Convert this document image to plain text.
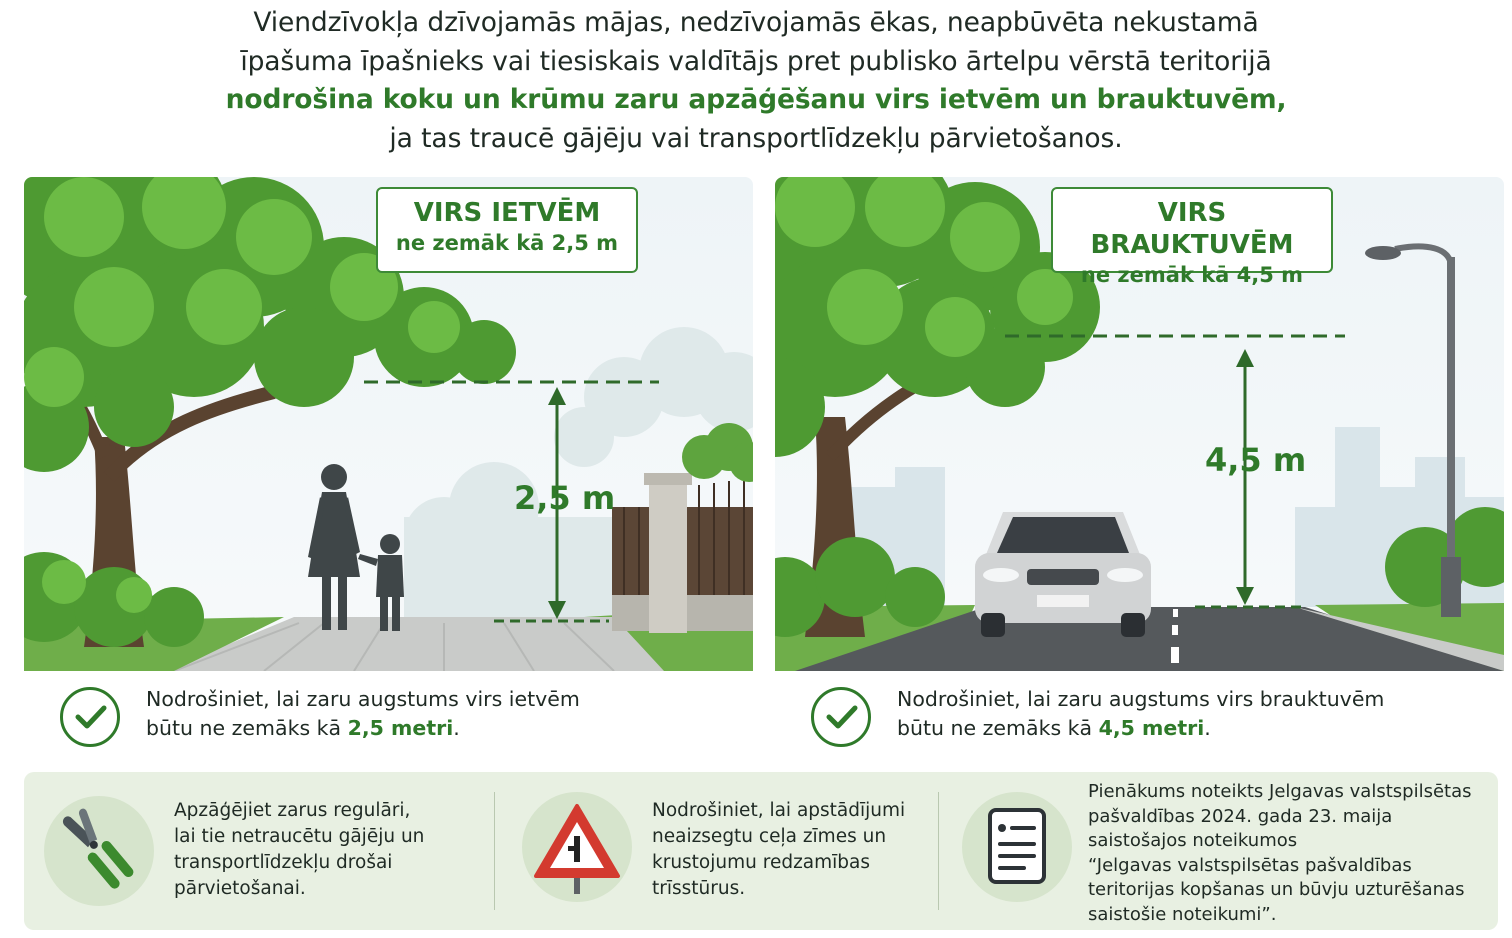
Viendzīvokļa dzīvojamās mājas, nedzīvojamās ēkas, neapbūvēta nekustamā
īpašuma īpašnieks vai tiesiskais valdītājs pret publisko ārtelpu vērstā teritorijā
nodrošina koku un krūmu zaru apzāģēšanu virs ietvēm un brauktuvēm,
ja tas traucē gājēju vai transportlīdzekļu pārvietošanos.
VIRS IETVĒM
ne zemāk kā 2,5 m
2,5 m
Nodrošiniet, lai zaru augstums virs ietvēm
būtu ne zemāks kā 2,5 metri.
VIRS BRAUKTUVĒM
ne zemāk kā 4,5 m
4,5 m
Nodrošiniet, lai zaru augstums virs brauktuvēm
būtu ne zemāks kā 4,5 metri.
Apzāģējiet zarus regulāri,
lai tie netraucētu gājēju un
transportlīdzekļu drošai
pārvietošanai.
Nodrošiniet, lai apstādījumi
neaizsegtu ceļa zīmes un
krustojumu redzamības
trīsstūrus.
Pienākums noteikts Jelgavas valstspilsētas
pašvaldības 2024. gada 23. maija
saistošajos noteikumos
“Jelgavas valstspilsētas pašvaldības
teritorijas kopšanas un būvju uzturēšanas
saistošie noteikumi”.
